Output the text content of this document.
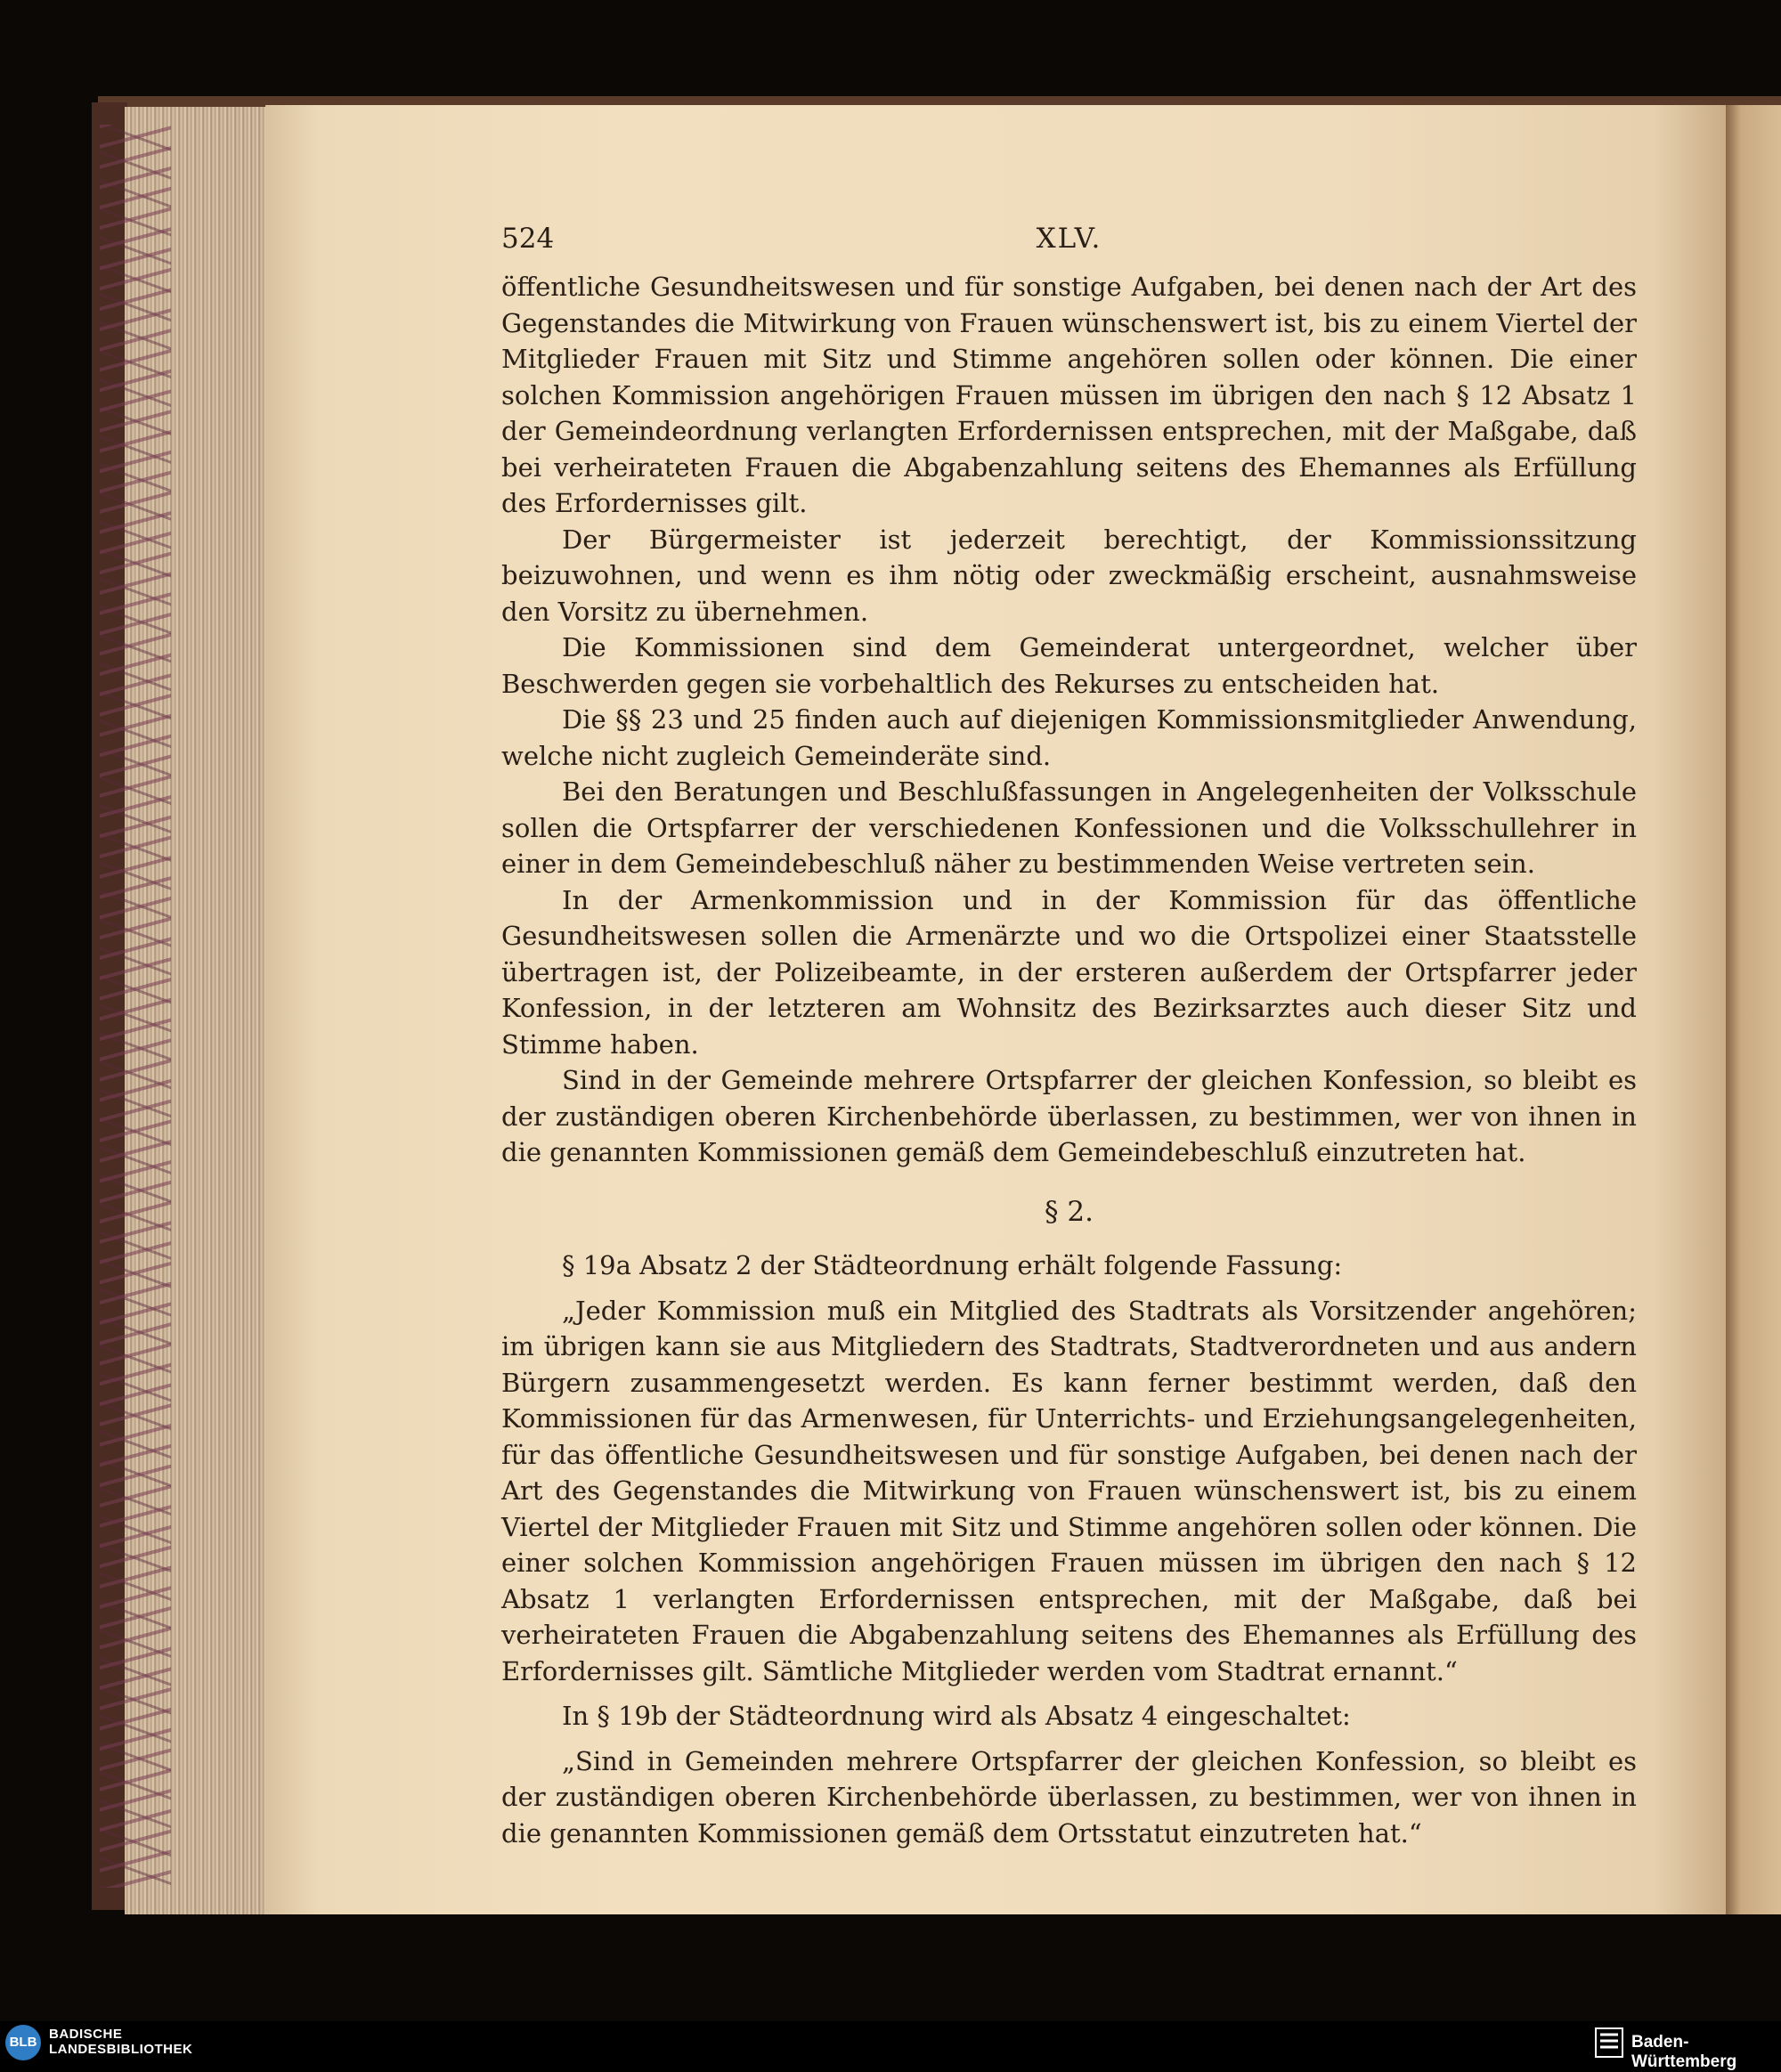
524	XLV.

öffentliche Gesundheitswesen und für sonstige Aufgaben, bei denen nach der Art des Gegenstandes die Mitwirkung von Frauen wünschenswert ist, bis zu einem Viertel der Mitglieder Frauen mit Sitz und Stimme angehören sollen oder können. Die einer solchen Kommission angehörigen Frauen müssen im übrigen den nach § 12 Absatz 1 der Gemeindeordnung verlangten Erfordernissen entsprechen, mit der Maßgabe, daß bei verheirateten Frauen die Abgabenzahlung seitens des Ehemannes als Erfüllung des Erfordernisses gilt.

Der Bürgermeister ist jederzeit berechtigt, der Kommissionssitzung beizuwohnen, und wenn es ihm nötig oder zweckmäßig erscheint, ausnahmsweise den Vorsitz zu übernehmen.

Die Kommissionen sind dem Gemeinderat untergeordnet, welcher über Beschwerden gegen sie vorbehaltlich des Rekurses zu entscheiden hat.

Die §§ 23 und 25 finden auch auf diejenigen Kommissionsmitglieder Anwendung, welche nicht zugleich Gemeinderäte sind.

Bei den Beratungen und Beschlußfassungen in Angelegenheiten der Volksschule sollen die Ortspfarrer der verschiedenen Konfessionen und die Volksschullehrer in einer in dem Gemeindebeschluß näher zu bestimmenden Weise vertreten sein.

In der Armenkommission und in der Kommission für das öffentliche Gesundheitswesen sollen die Armenärzte und wo die Ortspolizei einer Staatsstelle übertragen ist, der Polizeibeamte, in der ersteren außerdem der Ortspfarrer jeder Konfession, in der letzteren am Wohnsitz des Bezirksarztes auch dieser Sitz und Stimme haben.

Sind in der Gemeinde mehrere Ortspfarrer der gleichen Konfession, so bleibt es der zuständigen oberen Kirchenbehörde überlassen, zu bestimmen, wer von ihnen in die genannten Kommissionen gemäß dem Gemeindebeschluß einzutreten hat.

§ 2.

§ 19a Absatz 2 der Städteordnung erhält folgende Fassung:

„Jeder Kommission muß ein Mitglied des Stadtrats als Vorsitzender angehören; im übrigen kann sie aus Mitgliedern des Stadtrats, Stadtverordneten und aus andern Bürgern zusammengesetzt werden. Es kann ferner bestimmt werden, daß den Kommissionen für das Armenwesen, für Unterrichts- und Erziehungsangelegenheiten, für das öffentliche Gesundheitswesen und für sonstige Aufgaben, bei denen nach der Art des Gegenstandes die Mitwirkung von Frauen wünschenswert ist, bis zu einem Viertel der Mitglieder Frauen mit Sitz und Stimme angehören sollen oder können. Die einer solchen Kommission angehörigen Frauen müssen im übrigen den nach § 12 Absatz 1 verlangten Erfordernissen entsprechen, mit der Maßgabe, daß bei verheirateten Frauen die Abgabenzahlung seitens des Ehemannes als Erfüllung des Erfordernisses gilt. Sämtliche Mitglieder werden vom Stadtrat ernannt.“

In § 19b der Städteordnung wird als Absatz 4 eingeschaltet:

„Sind in Gemeinden mehrere Ortspfarrer der gleichen Konfession, so bleibt es der zuständigen oberen Kirchenbehörde überlassen, zu bestimmen, wer von ihnen in die genannten Kommissionen gemäß dem Ortsstatut einzutreten hat.“

BLB
BADISCHE
LANDESBIBLIOTHEK	Baden-Württemberg
